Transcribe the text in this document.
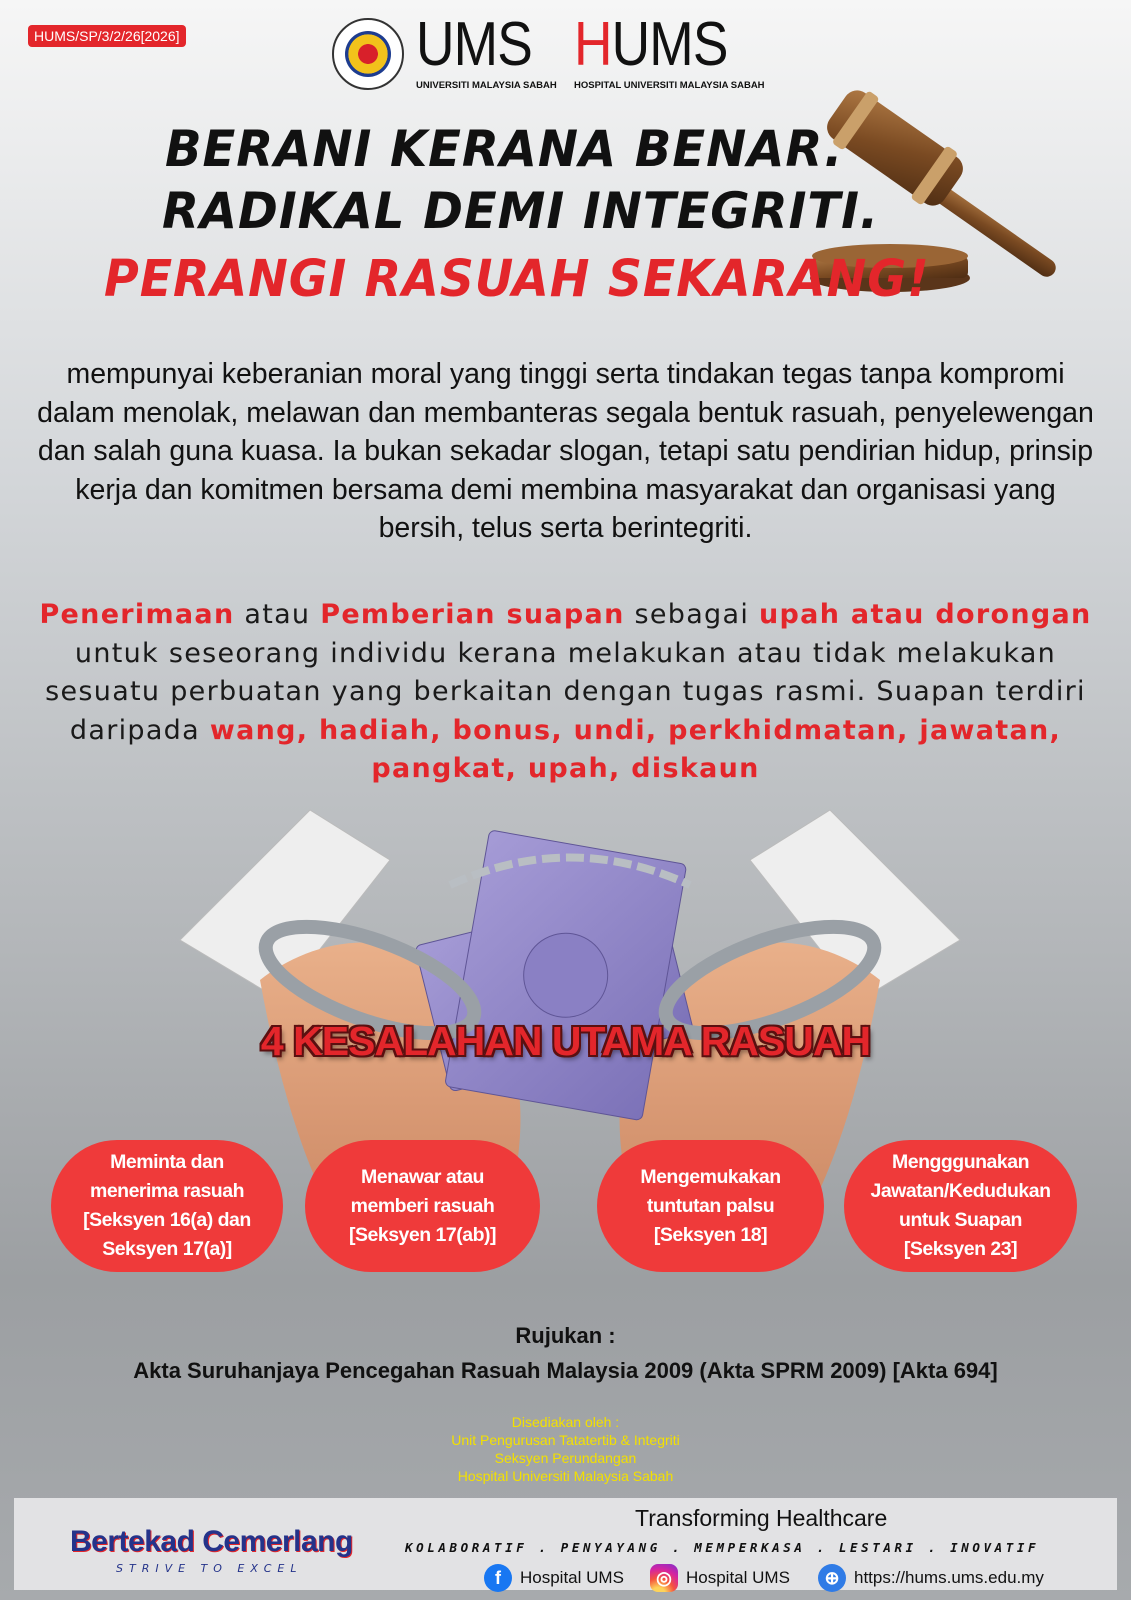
HUMS/SP/3/2/26[2026]	UMS
UNIVERSITI MALAYSIA SABAH
HUMS
HOSPITAL UNIVERSITI MALAYSIA SABAH
BERANI KERANA BENAR.
RADIKAL DEMI INTEGRITI.
PERANGI RASUAH SEKARANG!
mempunyai keberanian moral yang tinggi serta tindakan tegas tanpa kompromi dalam menolak, melawan dan membanteras segala bentuk rasuah, penyelewengan dan salah guna kuasa. Ia bukan sekadar slogan, tetapi satu pendirian hidup, prinsip kerja dan komitmen bersama demi membina masyarakat dan organisasi yang bersih, telus serta berintegriti.
Penerimaan atau Pemberian suapan sebagai upah atau dorongan untuk seseorang individu kerana melakukan atau tidak melakukan sesuatu perbuatan yang berkaitan dengan tugas rasmi. Suapan terdiri daripada wang, hadiah, bonus, undi, perkhidmatan, jawatan, pangkat, upah, diskaun
4 KESALAHAN UTAMA RASUAH
Meminta dan
menerima rasuah
[Seksyen 16(a) dan
Seksyen 17(a)]
Menawar atau
memberi rasuah
[Seksyen 17(ab)]
Mengemukakan
tuntutan palsu
[Seksyen 18]
Mengggunakan
Jawatan/Kedudukan
untuk Suapan
[Seksyen 23]
Rujukan :
Akta Suruhanjaya Pencegahan Rasuah Malaysia 2009 (Akta SPRM 2009) [Akta 694]
Disediakan oleh :
Unit Pengurusan Tatatertib & Integriti
Seksyen Perundangan
Hospital Universiti Malaysia Sabah
Bertekad Cemerlang
STRIVE TO EXCEL
Transforming Healthcare
KOLABORATIF . PENYAYANG . MEMPERKASA . LESTARI . INOVATIF
f	Hospital UMS	◎ Hospital UMS	⊕ https://hums.ums.edu.my
